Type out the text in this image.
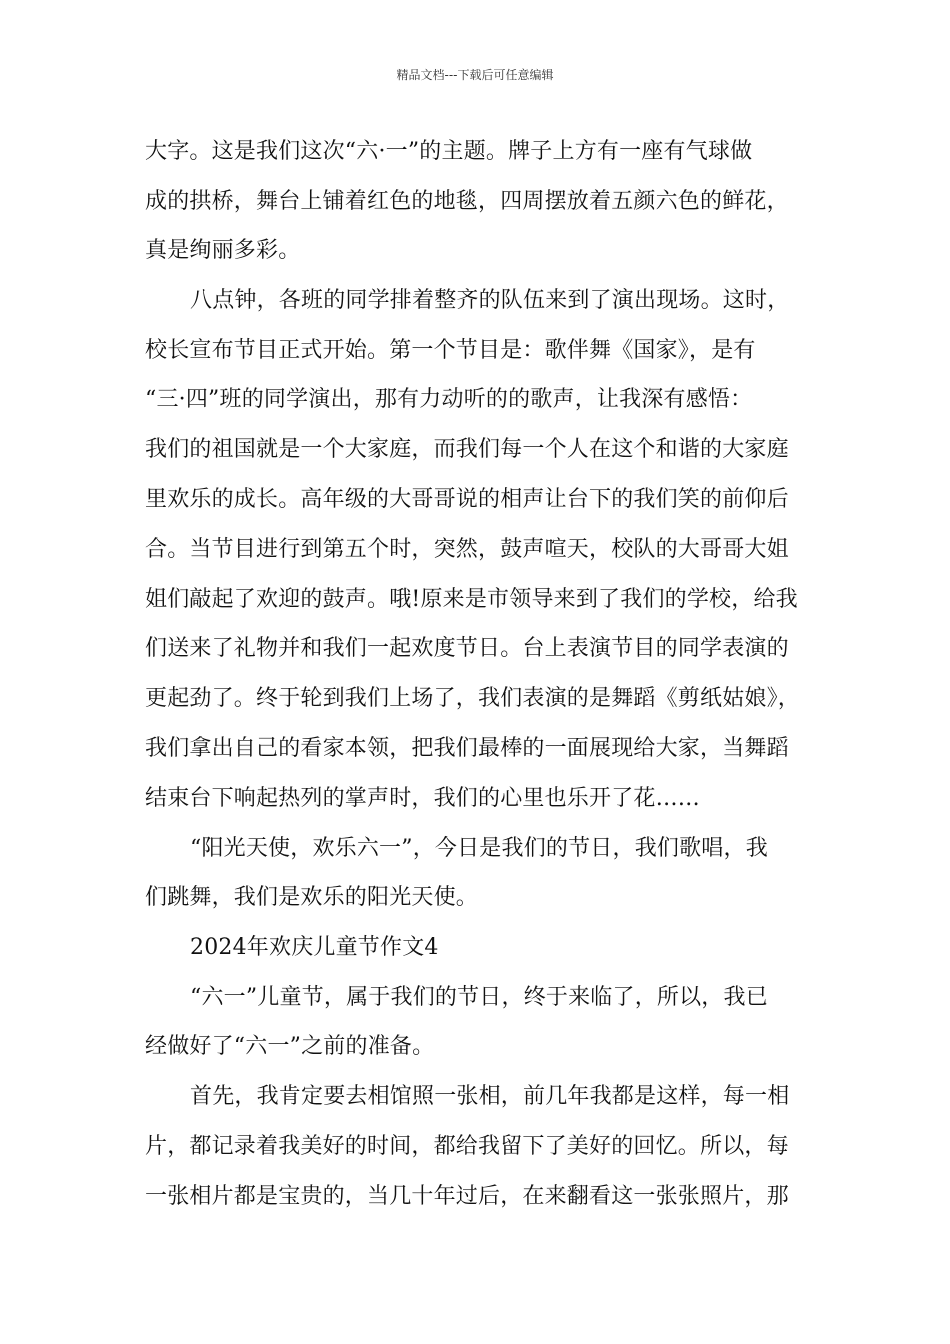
精品文档---下载后可任意编辑
大字。这是我们这次“六·一”的主题。牌子上方有一座有气球做
成的拱桥，舞台上铺着红色的地毯，四周摆放着五颜六色的鲜花，
真是绚丽多彩。
八点钟，各班的同学排着整齐的队伍来到了演出现场。这时，
校长宣布节目正式开始。第一个节目是：歌伴舞《国家》，是有
“三·四”班的同学演出，那有力动听的的歌声，让我深有感悟：
我们的祖国就是一个大家庭，而我们每一个人在这个和谐的大家庭
里欢乐的成长。高年级的大哥哥说的相声让台下的我们笑的前仰后
合。当节目进行到第五个时，突然，鼓声喧天，校队的大哥哥大姐
姐们敲起了欢迎的鼓声。哦!原来是市领导来到了我们的学校，给我
们送来了礼物并和我们一起欢度节日。台上表演节目的同学表演的
更起劲了。终于轮到我们上场了，我们表演的是舞蹈《剪纸姑娘》，
我们拿出自己的看家本领，把我们最棒的一面展现给大家，当舞蹈
结束台下响起热列的掌声时，我们的心里也乐开了花……
“阳光天使，欢乐六一”，今日是我们的节日，我们歌唱，我
们跳舞，我们是欢乐的阳光天使。
2024年欢庆儿童节作文4
“六一”儿童节，属于我们的节日，终于来临了，所以，我已
经做好了“六一”之前的准备。
首先，我肯定要去相馆照一张相，前几年我都是这样，每一相
片，都记录着我美好的时间，都给我留下了美好的回忆。所以，每
一张相片都是宝贵的，当几十年过后，在来翻看这一张张照片，那
